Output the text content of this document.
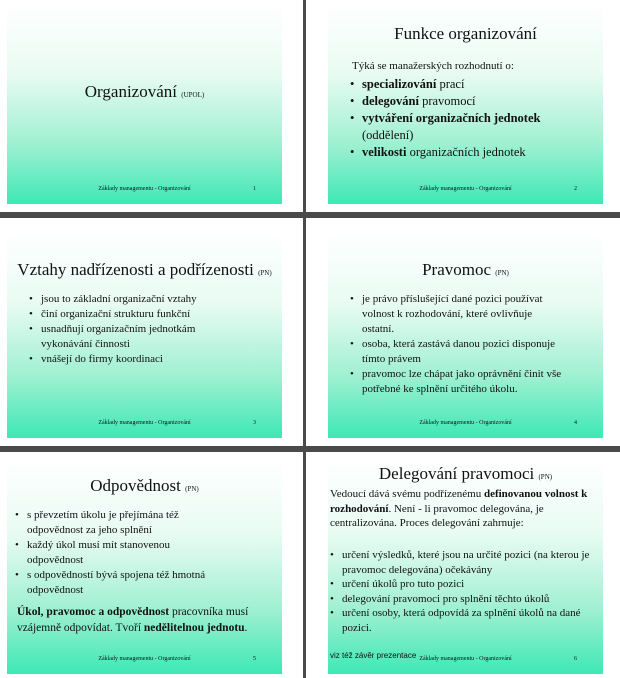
Organizování (UPOL)
Základy managementu - Organizování	1
Funkce organizování
Týká se manažerských rozhodnutí o:
• specializování prací
• delegování pravomocí
• vytváření organizačních jednotek (oddělení)
• velikosti organizačních jednotek
Základy managementu - Organizování	2
Vztahy nadřízenosti a podřízenosti (PN)
• jsou to základní organizační vztahy
• činí organizační strukturu funkční
• usnadňují organizačním jednotkám vykonávání činnosti
• vnášejí do firmy koordinaci
Základy managementu - Organizování	3
Pravomoc (PN)
• je právo příslušející dané pozici používat volnost k rozhodování, které ovlivňuje ostatní.
• osoba, která zastává danou pozici disponuje tímto právem
• pravomoc lze chápat jako oprávnění činit vše potřebné ke splnění určitého úkolu.
Základy managementu - Organizování	4
Odpovědnost (PN)
• s převzetím úkolu je přejímána též odpovědnost za jeho splnění
• každý úkol musí mít stanovenou odpovědnost
• s odpovědností bývá spojena též hmotná odpovědnost
Úkol, pravomoc a odpovědnost pracovníka musí vzájemně odpovídat. Tvoří nedělitelnou jednotu.
Základy managementu - Organizování	5
Delegování pravomoci (PN)
Vedoucí dává svému podřízenému definovanou volnost k rozhodování. Není - li pravomoc delegována, je centralizována. Proces delegování zahrnuje:
• určení výsledků, které jsou na určité pozici (na kterou je pravomoc delegována) očekávány
• určení úkolů pro tuto pozici
• delegování pravomoci pro splnění těchto úkolů
• určení osoby, která odpovídá za splnění úkolů na dané pozici.
viz též závěr prezentace Základy managementu - Organizování	6
